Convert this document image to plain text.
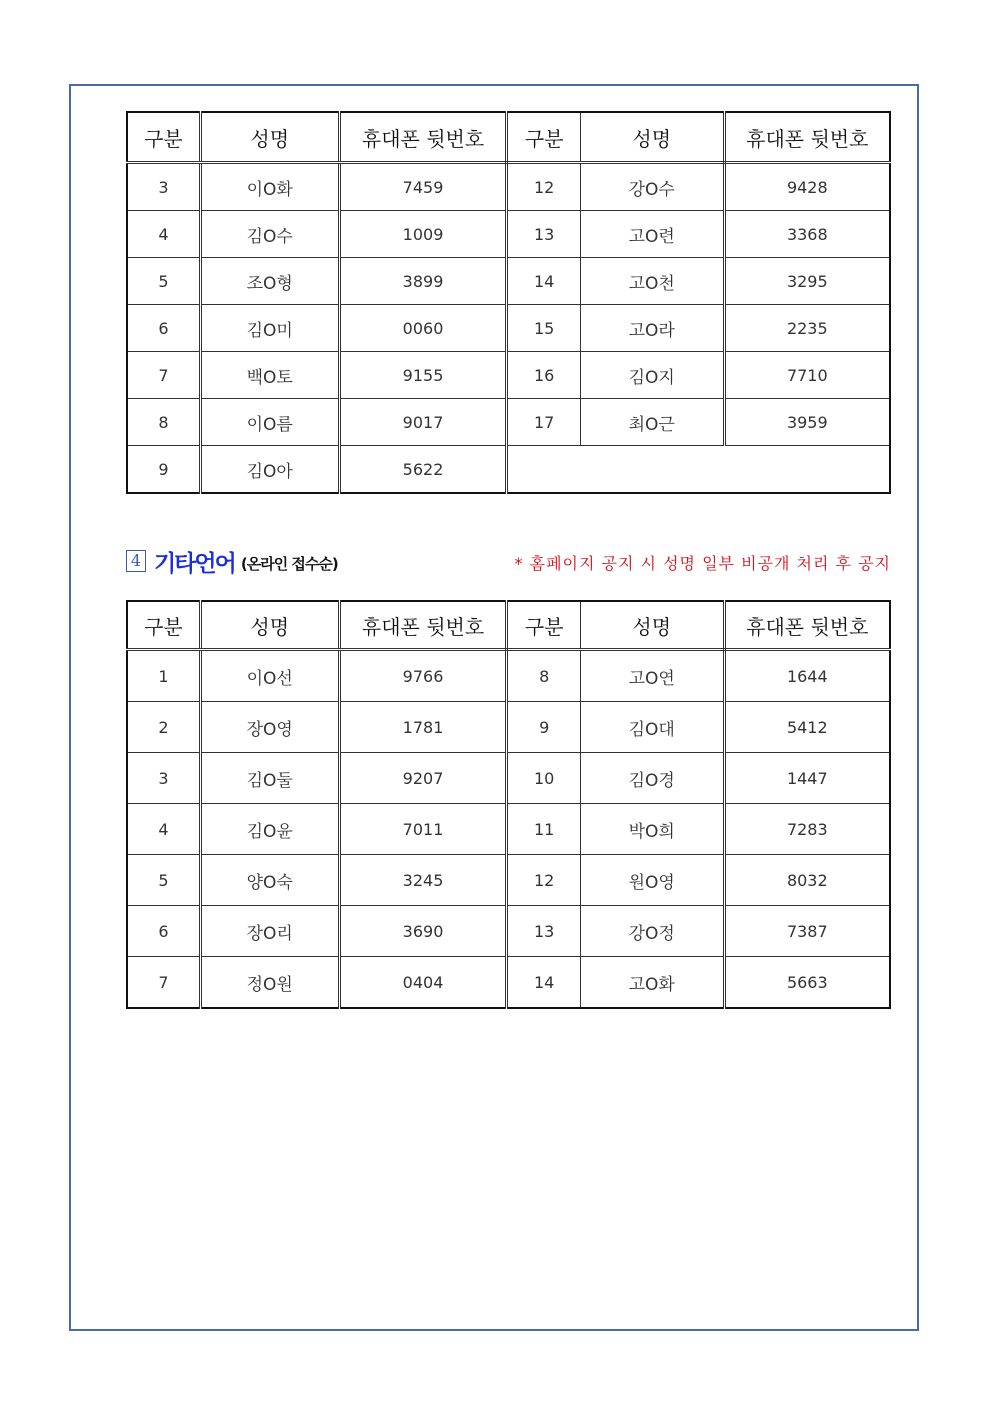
구분	성명	휴대폰 뒷번호	구분	성명	휴대폰 뒷번호
3	이O화	7459	12	강O수	9428
4	김O수	1009	13	고O련	3368
5	조O형	3899	14	고O천	3295
6	김O미	0060	15	고O라	2235
7	백O토	9155	16	김O지	7710
8	이O름	9017	17	최O근	3959
9	김O아	5622			
4 기타언어 (온라인 접수순)	* 홈페이지 공지 시 성명 일부 비공개 처리 후 공지
구분	성명	휴대폰 뒷번호	구분	성명	휴대폰 뒷번호
1	이O선	9766	8	고O연	1644
2	장O영	1781	9	김O대	5412
3	김O둘	9207	10	김O경	1447
4	김O윤	7011	11	박O희	7283
5	양O숙	3245	12	원O영	8032
6	장O리	3690	13	강O정	7387
7	정O원	0404	14	고O화	5663
